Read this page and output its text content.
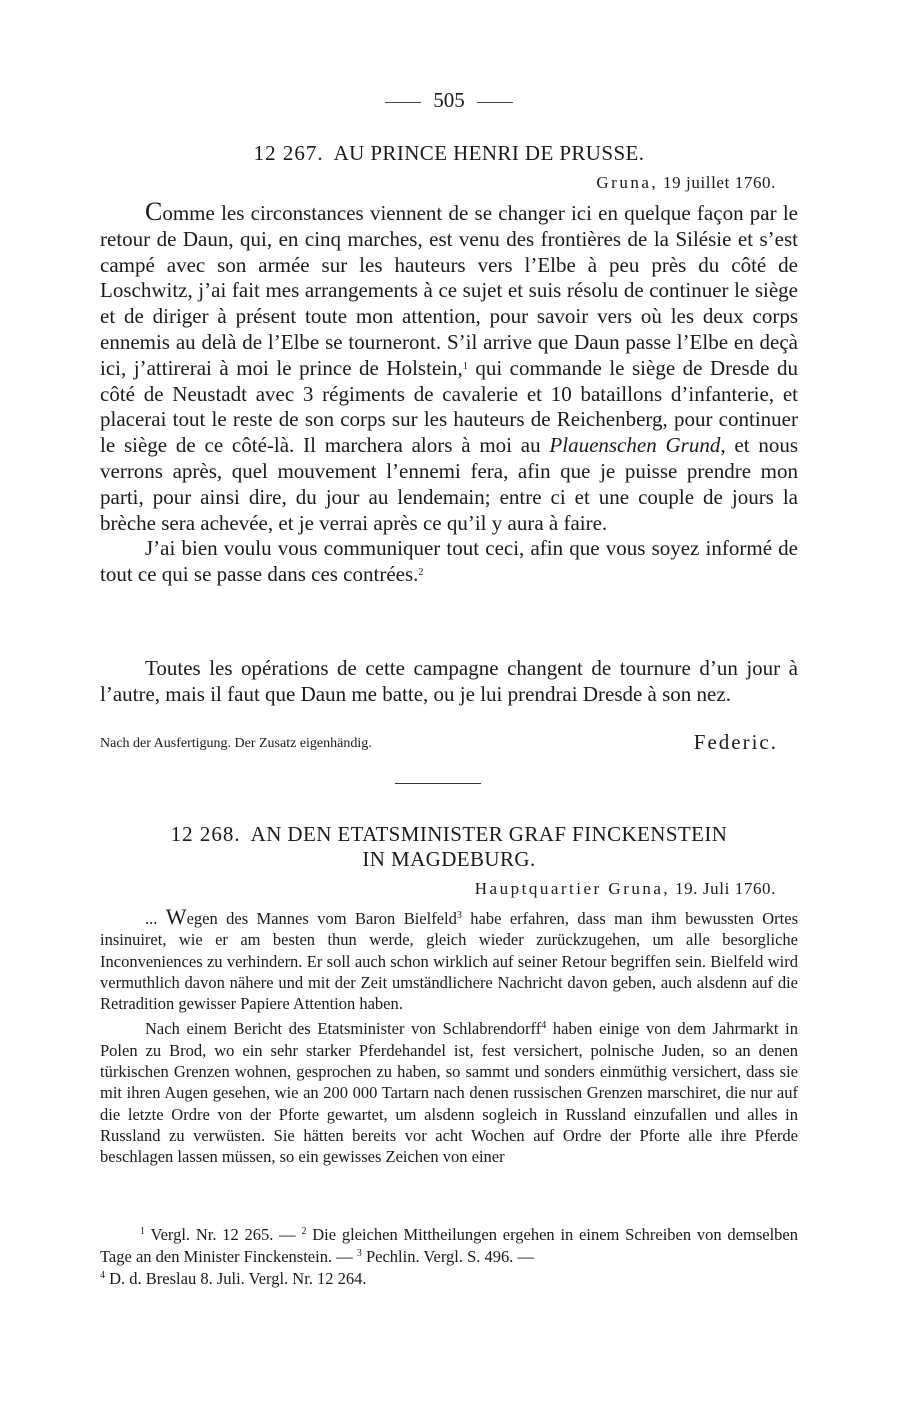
505
12 267. AU PRINCE HENRI DE PRUSSE.
Gruna, 19 juillet 1760.

Comme les circonstances viennent de se changer ici en quelque façon par le retour de Daun, qui, en cinq marches, est venu des frontières de la Silésie et s’est campé avec son armée sur les hauteurs vers l’Elbe à peu près du côté de Loschwitz, j’ai fait mes arrangements à ce sujet et suis résolu de continuer le siège et de diriger à présent toute mon attention, pour savoir vers où les deux corps ennemis au delà de l’Elbe se tourneront. S’il arrive que Daun passe l’Elbe en deçà ici, j’attirerai à moi le prince de Holstein,$^1$ qui commande le siège de Dresde du côté de Neustadt avec 3 régiments de cavalerie et 10 bataillons d’infanterie, et placerai tout le reste de son corps sur les hauteurs de Reichenberg, pour continuer le siège de ce côté-là. Il marchera alors à moi au Plauenschen Grund, et nous verrons après, quel mouvement l’ennemi fera, afin que je puisse prendre mon parti, pour ainsi dire, du jour au lendemain; entre ci et une couple de jours la brèche sera achevée, et je verrai après ce qu’il y aura à faire.

J’ai bien voulu vous communiquer tout ceci, afin que vous soyez informé de tout ce qui se passe dans ces contrées.$^2$

Toutes les opérations de cette campagne changent de tournure d’un jour à l’autre, mais il faut que Daun me batte, ou je lui prendrai Dresde à son nez.

Nach der Ausfertigung. Der Zusatz eigenhändig.	Federic.
12 268. AN DEN ETATSMINISTER GRAF FINCKENSTEIN
IN MAGDEBURG.
Hauptquartier Gruna, 19. Juli 1760.

... Wegen des Mannes vom Baron Bielfeld$^3$ habe erfahren, dass man ihm bewussten Ortes insinuiret, wie er am besten thun werde, gleich wieder zurückzugehen, um alle besorgliche Inconveniences zu verhindern. Er soll auch schon wirklich auf seiner Retour begriffen sein. Bielfeld wird vermuthlich davon nähere und mit der Zeit umständlichere Nachricht davon geben, auch alsdenn auf die Retradition gewisser Papiere Attention haben.

Nach einem Bericht des Etatsminister von Schlabrendorff$^4$ haben einige von dem Jahrmarkt in Polen zu Brod, wo ein sehr starker Pferdehandel ist, fest versichert, polnische Juden, so an denen türkischen Grenzen wohnen, gesprochen zu haben, so sammt und sonders einmüthig versichert, dass sie mit ihren Augen gesehen, wie an 200 000 Tartarn nach denen russischen Grenzen marschiret, die nur auf die letzte Ordre von der Pforte gewartet, um alsdenn sogleich in Russland einzufallen und alles in Russland zu verwüsten. Sie hätten bereits vor acht Wochen auf Ordre der Pforte alle ihre Pferde beschlagen lassen müssen, so ein gewisses Zeichen von einer

$^1$ Vergl. Nr. 12 265. — $^2$ Die gleichen Mittheilungen ergehen in einem Schreiben von demselben Tage an den Minister Finckenstein. — $^3$ Pechlin. Vergl. S. 496. —
$^4$ D. d. Breslau 8. Juli. Vergl. Nr. 12 264.
